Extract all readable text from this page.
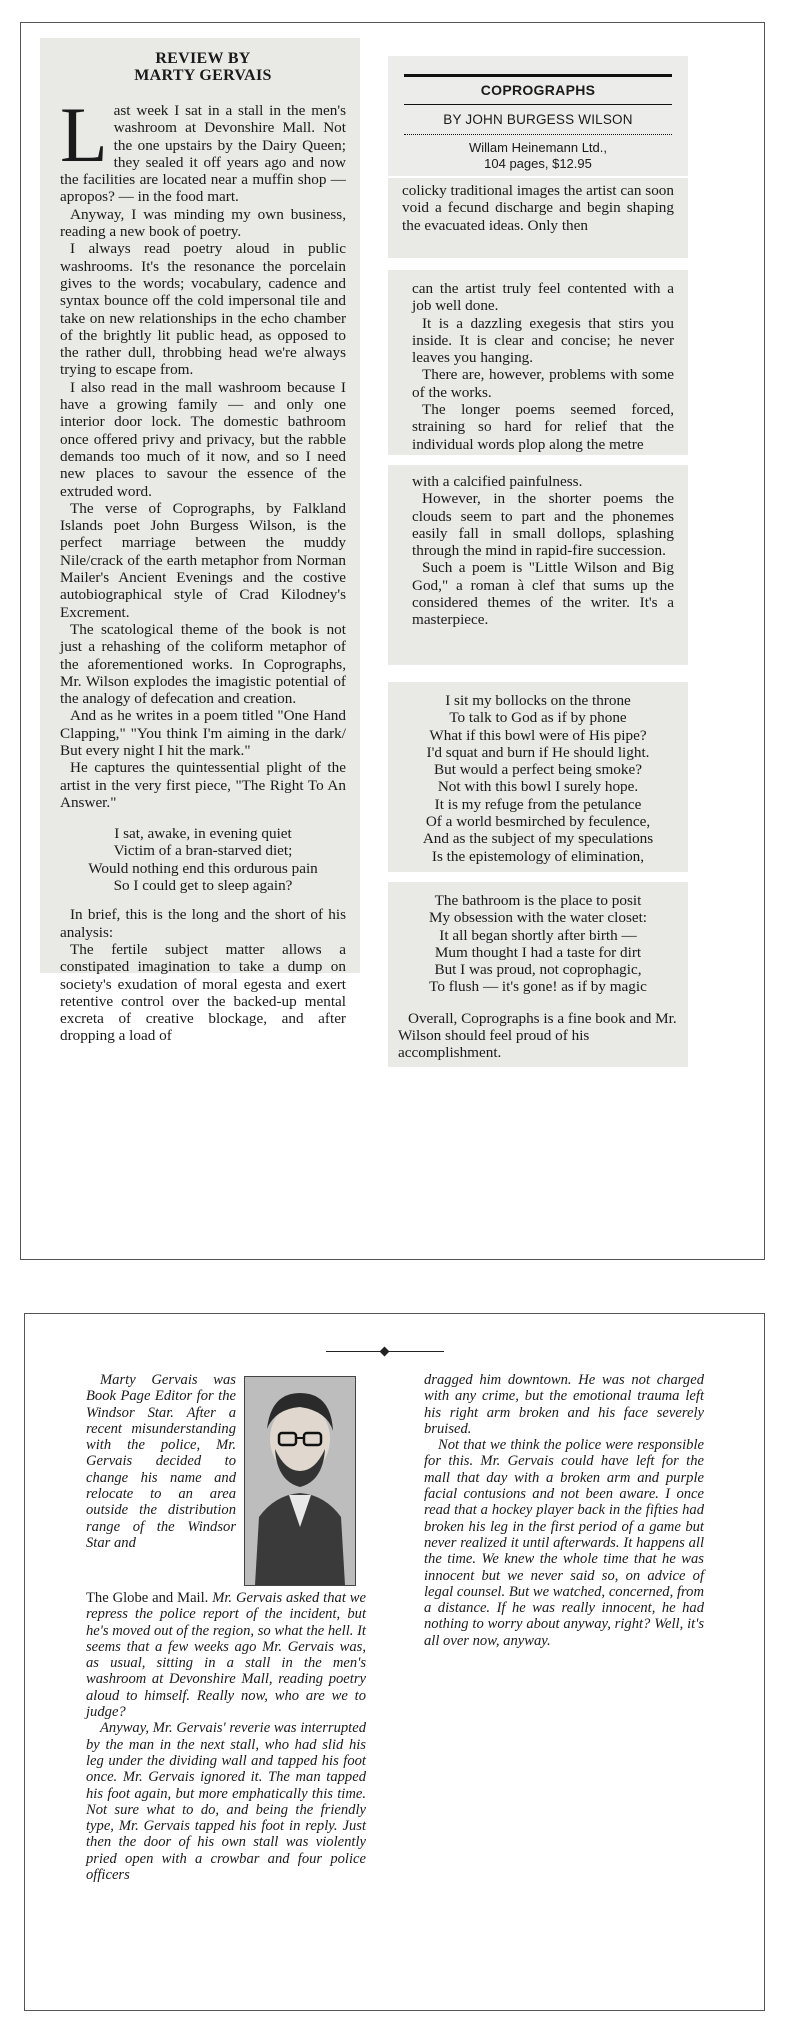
REVIEW BY
MARTY GERVAIS

Last week I sat in a stall in the men's washroom at Devonshire Mall. Not the one upstairs by the Dairy Queen; they sealed it off years ago and now the facilities are located near a muffin shop — apropos? — in the food mart.

Anyway, I was minding my own business, reading a new book of poetry.

I always read poetry aloud in public washrooms. It's the resonance the porcelain gives to the words; vocabulary, cadence and syntax bounce off the cold impersonal tile and take on new relationships in the echo chamber of the brightly lit public head, as opposed to the rather dull, throbbing head we're always trying to escape from.

I also read in the mall washroom because I have a growing family — and only one interior door lock. The domestic bathroom once offered privy and privacy, but the rabble demands too much of it now, and so I need new places to savour the essence of the extruded word.

The verse of Coprographs, by Falkland Islands poet John Burgess Wilson, is the perfect marriage between the muddy Nile/crack of the earth metaphor from Norman Mailer's Ancient Evenings and the costive autobiographical style of Crad Kilodney's Excrement.

The scatological theme of the book is not just a rehashing of the coliform metaphor of the aforementioned works. In Coprographs, Mr. Wilson explodes the imagistic potential of the analogy of defecation and creation.

And as he writes in a poem titled "One Hand Clapping," "You think I'm aiming in the dark/ But every night I hit the mark."

He captures the quintessential plight of the artist in the very first piece, "The Right To An Answer."

I sat, awake, in evening quiet
Victim of a bran-starved diet;
Would nothing end this ordurous pain
So I could get to sleep again?

In brief, this is the long and the short of his analysis:

The fertile subject matter allows a constipated imagination to take a dump on society's exudation of moral egesta and exert retentive control over the backed-up mental excreta of creative blockage, and after dropping a load of

COPROGRAPHS
BY JOHN BURGESS WILSON
Willam Heinemann Ltd.,
104 pages, $12.95

colicky traditional images the artist can soon void a fecund discharge and begin shaping the evacuated ideas. Only then

can the artist truly feel contented with a job well done.

It is a dazzling exegesis that stirs you inside. It is clear and concise; he never leaves you hanging.

There are, however, problems with some of the works.

The longer poems seemed forced, straining so hard for relief that the individual words plop along the metre

with a calcified painfulness.

However, in the shorter poems the clouds seem to part and the phonemes easily fall in small dollops, splashing through the mind in rapid-fire succession.

Such a poem is "Little Wilson and Big God," a roman à clef that sums up the considered themes of the writer. It's a masterpiece.

I sit my bollocks on the throne
To talk to God as if by phone
What if this bowl were of His pipe?
I'd squat and burn if He should light.
But would a perfect being smoke?
Not with this bowl I surely hope.
It is my refuge from the petulance
Of a world besmirched by feculence,
And as the subject of my speculations
Is the epistemology of elimination,
The bathroom is the place to posit
My obsession with the water closet:
It all began shortly after birth —
Mum thought I had a taste for dirt
But I was proud, not coprophagic,
To flush — it's gone! as if by magic

Overall, Coprographs is a fine book and Mr. Wilson should feel proud of his accomplishment.

Marty Gervais was Book Page Editor for the Windsor Star. After a recent misunderstanding with the police, Mr. Gervais decided to change his name and relocate to an area outside the distribution range of the Windsor Star and

The Globe and Mail. Mr. Gervais asked that we repress the police report of the incident, but he's moved out of the region, so what the hell. It seems that a few weeks ago Mr. Gervais was, as usual, sitting in a stall in the men's washroom at Devonshire Mall, reading poetry aloud to himself. Really now, who are we to judge?

Anyway, Mr. Gervais' reverie was interrupted by the man in the next stall, who had slid his leg under the dividing wall and tapped his foot once. Mr. Gervais ignored it. The man tapped his foot again, but more emphatically this time. Not sure what to do, and being the friendly type, Mr. Gervais tapped his foot in reply. Just then the door of his own stall was violently pried open with a crowbar and four police officers

dragged him downtown. He was not charged with any crime, but the emotional trauma left his right arm broken and his face severely bruised.

Not that we think the police were responsible for this. Mr. Gervais could have left for the mall that day with a broken arm and purple facial contusions and not been aware. I once read that a hockey player back in the fifties had broken his leg in the first period of a game but never realized it until afterwards. It happens all the time. We knew the whole time that he was innocent but we never said so, on advice of legal counsel. But we watched, concerned, from a distance. If he was really innocent, he had nothing to worry about anyway, right? Well, it's all over now, anyway.
